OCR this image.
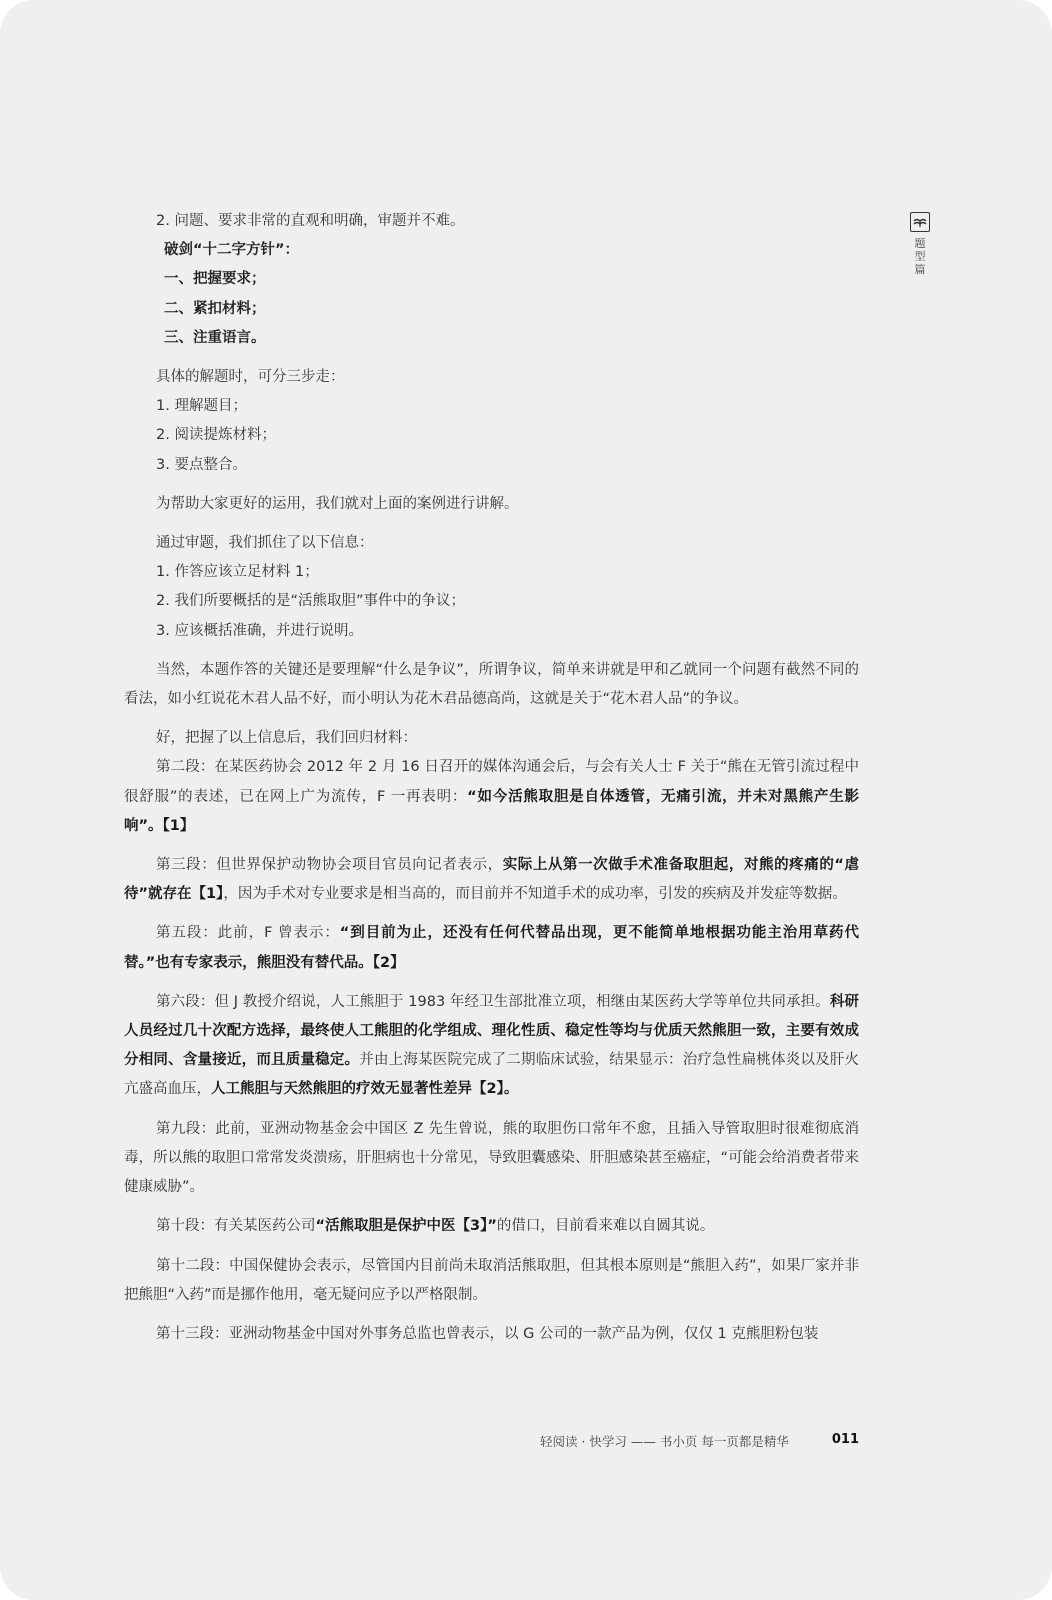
题
型
篇

2. 问题、要求非常的直观和明确，审题并不难。

破剑“十二字方针”：

一、把握要求；

二、紧扣材料；

三、注重语言。

具体的解题时，可分三步走：

1. 理解题目；

2. 阅读提炼材料；

3. 要点整合。

为帮助大家更好的运用，我们就对上面的案例进行讲解。

通过审题，我们抓住了以下信息：

1. 作答应该立足材料 1；

2. 我们所要概括的是“活熊取胆”事件中的争议；

3. 应该概括准确，并进行说明。

当然，本题作答的关键还是要理解“什么是争议”，所谓争议，简单来讲就是甲和乙就同一个问题有截然不同的看法，如小红说花木君人品不好，而小明认为花木君品德高尚，这就是关于“花木君人品”的争议。

好，把握了以上信息后，我们回归材料：

第二段：在某医药协会 2012 年 2 月 16 日召开的媒体沟通会后，与会有关人士 F 关于“熊在无管引流过程中很舒服”的表述，已在网上广为流传，F 一再表明：“如今活熊取胆是自体透管，无痛引流，并未对黑熊产生影响”。【1】

第三段：但世界保护动物协会项目官员向记者表示，实际上从第一次做手术准备取胆起，对熊的疼痛的“虐待”就存在【1】，因为手术对专业要求是相当高的，而目前并不知道手术的成功率，引发的疾病及并发症等数据。

第五段：此前，F 曾表示：“到目前为止，还没有任何代替品出现，更不能简单地根据功能主治用草药代替。”也有专家表示，熊胆没有替代品。【2】

第六段：但 J 教授介绍说，人工熊胆于 1983 年经卫生部批准立项，相继由某医药大学等单位共同承担。科研人员经过几十次配方选择，最终使人工熊胆的化学组成、理化性质、稳定性等均与优质天然熊胆一致，主要有效成分相同、含量接近，而且质量稳定。并由上海某医院完成了二期临床试验，结果显示：治疗急性扁桃体炎以及肝火亢盛高血压，人工熊胆与天然熊胆的疗效无显著性差异【2】。

第九段：此前，亚洲动物基金会中国区 Z 先生曾说，熊的取胆伤口常年不愈，且插入导管取胆时很难彻底消毒，所以熊的取胆口常常发炎溃疡，肝胆病也十分常见，导致胆囊感染、肝胆感染甚至癌症，“可能会给消费者带来健康威胁”。

第十段：有关某医药公司“活熊取胆是保护中医【3】”的借口，目前看来难以自圆其说。

第十二段：中国保健协会表示，尽管国内目前尚未取消活熊取胆，但其根本原则是“熊胆入药”，如果厂家并非把熊胆“入药”而是挪作他用，毫无疑问应予以严格限制。

第十三段：亚洲动物基金中国对外事务总监也曾表示，以 G 公司的一款产品为例，仅仅 1 克熊胆粉包装

轻阅读 · 快学习 —— 书小页 每一页都是精华	011
